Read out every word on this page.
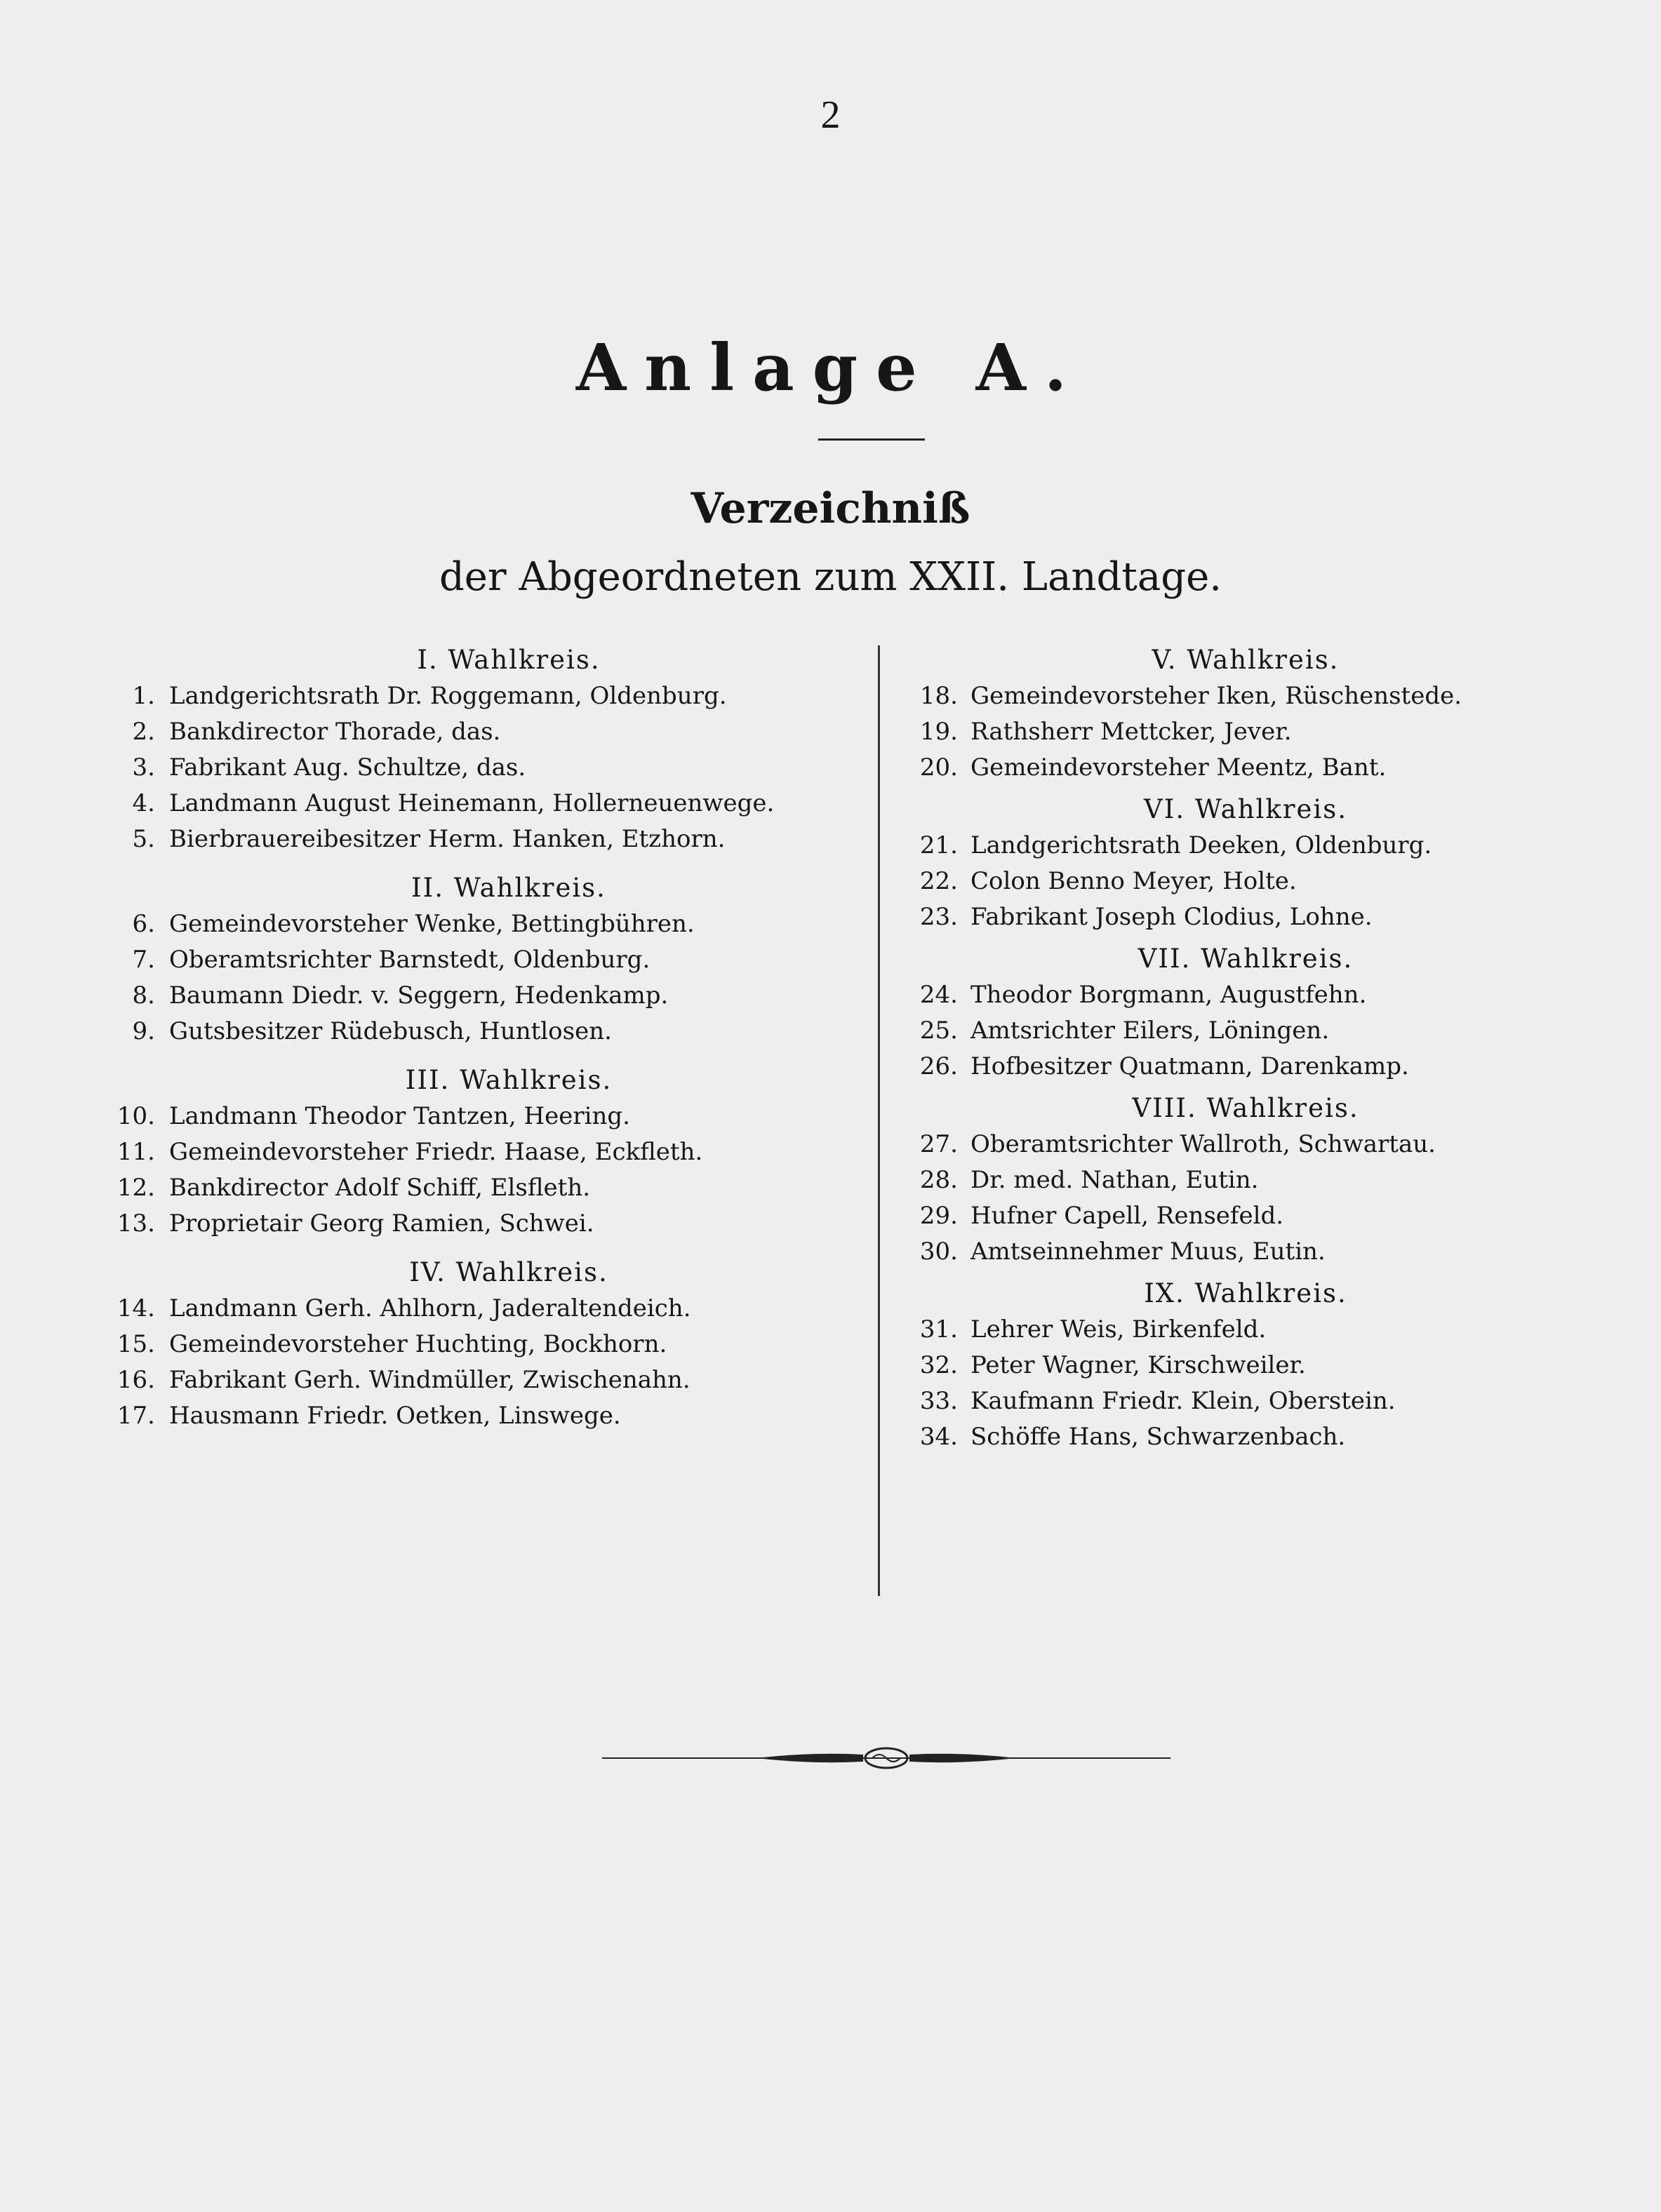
2
Anlage A.
Verzeichniß
der Abgeordneten zum XXII. Landtage.
I. Wahlkreis.
1. Landgerichtsrath Dr. Roggemann, Oldenburg.
2. Bankdirector Thorade, das.
3. Fabrikant Aug. Schultze, das.
4. Landmann August Heinemann, Hollerneuenwege.
5. Bierbrauereibesitzer Herm. Hanken, Etzhorn.
II. Wahlkreis.
6. Gemeindevorsteher Wenke, Bettingbühren.
7. Oberamtsrichter Barnstedt, Oldenburg.
8. Baumann Diedr. v. Seggern, Hedenkamp.
9. Gutsbesitzer Rüdebusch, Huntlosen.
III. Wahlkreis.
10. Landmann Theodor Tantzen, Heering.
11. Gemeindevorsteher Friedr. Haase, Eckfleth.
12. Bankdirector Adolf Schiff, Elsfleth.
13. Proprietair Georg Ramien, Schwei.
IV. Wahlkreis.
14. Landmann Gerh. Ahlhorn, Jaderaltendeich.
15. Gemeindevorsteher Huchting, Bockhorn.
16. Fabrikant Gerh. Windmüller, Zwischenahn.
17. Hausmann Friedr. Oetken, Linswege.
V. Wahlkreis.
18. Gemeindevorsteher Iken, Rüschenstede.
19. Rathsherr Mettcker, Jever.
20. Gemeindevorsteher Meentz, Bant.
VI. Wahlkreis.
21. Landgerichtsrath Deeken, Oldenburg.
22. Colon Benno Meyer, Holte.
23. Fabrikant Joseph Clodius, Lohne.
VII. Wahlkreis.
24. Theodor Borgmann, Augustfehn.
25. Amtsrichter Eilers, Löningen.
26. Hofbesitzer Quatmann, Darenkamp.
VIII. Wahlkreis.
27. Oberamtsrichter Wallroth, Schwartau.
28. Dr. med. Nathan, Eutin.
29. Hufner Capell, Rensefeld.
30. Amtseinnehmer Muus, Eutin.
IX. Wahlkreis.
31. Lehrer Weis, Birkenfeld.
32. Peter Wagner, Kirschweiler.
33. Kaufmann Friedr. Klein, Oberstein.
34. Schöffe Hans, Schwarzenbach.
